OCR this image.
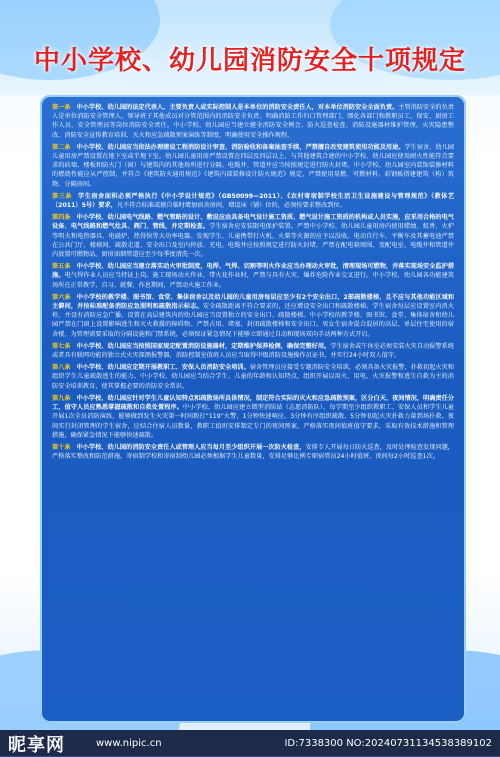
中小学校、幼儿园消防安全十项规定

第一条 中小学校、幼儿园的法定代表人、主要负责人或实际控制人是本单位的消防安全责任人，对本单位消防安全全面负责。主管消防安全的负责人是单位消防安全管理人，领导班子其他成员对分管范围内的消防安全负责。明确消防工作归口管理部门，细化各部门和教职员工、保安、厨房工作人员、安全管理员等岗位消防安全责任。中小学校、幼儿园应当建立健全消防安全例会、防火巡查检查、消防设施器材维护管理、火灾隐患整改、消防安全宣传教育培训、灭火和应急疏散预案演练等制度，明确使用安全操作规程。

第二条 中小学校、幼儿园应当依法办理建设工程消防设计审查、消防验收和备案抽查手续，严禁擅自改变建筑使用功能及用途。学生宿舍、幼儿园儿童用房严禁设置在地下室或半地下室。幼儿园儿童用房严禁设置在四层及四层以上，与其他建筑合建的中小学校、幼儿园应使用耐火性能符合要求的砖墙、楼板和防火门（窗）与建筑内的其他场所进行分隔。电缆井、管道井应当按照规定进行防火封堵。中小学校、幼儿园室内装饰装修材料的燃烧性能应从严控制，并符合《建筑防火通用规范》《建筑内部装修设计防火规范》规定，严禁使用易燃、可燃材料、彩钢板搭建建筑（构）筑物、分隔房间。

第三条 学生宿舍面积必须严格执行《中小学设计规范》（GB50099—2011）、《农村寄宿制学校生活卫生设施建设与管理规范》（教体艺〔2011〕5号）要求，凡不符合标准或擅自临时增加宿舍房间、增设床（铺）位的，必须按要求整改到位。

第四条 中小学校、幼儿园电气线路、燃气管路的设计、敷设应由具备电气设计施工资质、燃气设计施工资质的机构或人员实施，应采用合格的电气设备、电气线路和燃气灶具、阀门、管线，并定期检查。学生宿舍应安装限电保护装置。严禁中小学校、幼儿园儿童用房内使用蜡烛、蚊香、火炉等明火和电热器具、电磁炉、热得快等大功率电器。发现学生、儿童携带打火机、火柴等火源的应予以没收。电动自行车、平衡车及其蓄电池严禁在公共门厅、楼梯间、疏散走道、安全出口及室内停放、充电。电缆井应按照规定进行防火封堵，严禁在配电箱周围、变配电室、电缆井和管道井内放置可燃物品。厨房油烟管道应至少每季度清洗一次。

第五条 中小学校、幼儿园应当建立落实动火审批制度，电焊、气焊、切割等明火作业应当办理动火审批，清理现场可燃物，并落实现场安全监护措施。电气焊作业人员应当持证上岗。施工现场动火作业、带火花作业时，严禁与具有火灾、爆炸危险作业交叉进行。中小学校、幼儿园各功能建筑场所在正常教学、自习、就餐、作息期间，严禁动火施工作业。

第六条 中小学校的教学楼、图书馆、食堂、集体宿舍以及幼儿园的儿童用房每层应至少有2个安全出口，2部疏散楼梯，且不应与其他功能区域和主僻间，并按标准配备消防应急照明和疏散指示标志。安全疏散距离不符合要求的，还应增设安全出口和疏散楼梯。学生宿舍每层应设置室内消火栓，并设有消防应急广播。设置在高层建筑内的幼儿园应当设置独立的安全出口、疏散楼梯。中小学校的教学楼、图书馆、食堂、集体宿舍和幼儿园严禁在门窗上设置影响逃生和灭火救援的障碍物。严禁占用、堵塞、封闭疏散楼梯和安全出口。男女生宿舍混合混居的高层、单层住宅使用的宿舍楼，为管理需要采取的分隔设施和门禁系统，必须保证紧急情况下能够立即通过自动和现场双向手动两种方式开启。

第七条 中小学校、幼儿园应当按照国家规定配置消防设施器材，定期维护保养检测，确保完整好用。学生宿舍或午休室必须安装火灾自动报警系统或者具有联网功能的独立式火灾探测报警器，消防控制室值班人员应当取得中级消防设施操作员证书，并实行24小时双人值守。

第八条 中小学校、幼儿园应定期开展教职工、安保人员消防安全培训。宿舍管理员应接受专题消防安全培训，必须具备火灾报警、扑救初起火灾和组织学生儿童疏散逃生的能力。中小学校、幼儿园应当结合学生、儿童的年龄和认知特点，组织开展以用火、用电、火灾报警和逃生自救为主的消防安全培训教育，使其掌握必要的消防安全常识。

第九条 中小学校、幼儿园应针对学生儿童认知特点和疏散场所具体情况，制定符合实际的灭火和应急疏散预案，区分白天、夜间情况，明确责任分工，值守人员应熟悉掌握疏散和自救处置程序。中小学校、幼儿园应建立微型消防站（志愿消防队），每学期至少组织教职工、安保人员和学生儿童开展1次全员消防演练，能够做到发生火灾第一时间拨打“119”火警，1分钟快速响应、3分钟有序组织疏散、5分钟初起火灾扑救力量到场扑救。夜间实行封闭管理的学生宿舍，应结合住宿人员数量，教职工值班安排制定专门的夜间预案，严格落实夜间值班值守要求，采取有效技术措施和管理措施，确保紧急情况下能够快速疏散。

第十条 中小学校、幼儿园的消防安全责任人或管理人应当每月至少组织开展一次防火检查，安排专人开展每日防火巡查，及时处理检查发现问题，严格落实整改和防范措施。寄宿制学校和寄宿制幼儿园必须根据学生儿童数量，安排足够比例专职宿管员24小时值班，夜间每2小时巡查1次。

昵享网	www.nipic.cn	ID:7338300 NO:20240731134538389102
